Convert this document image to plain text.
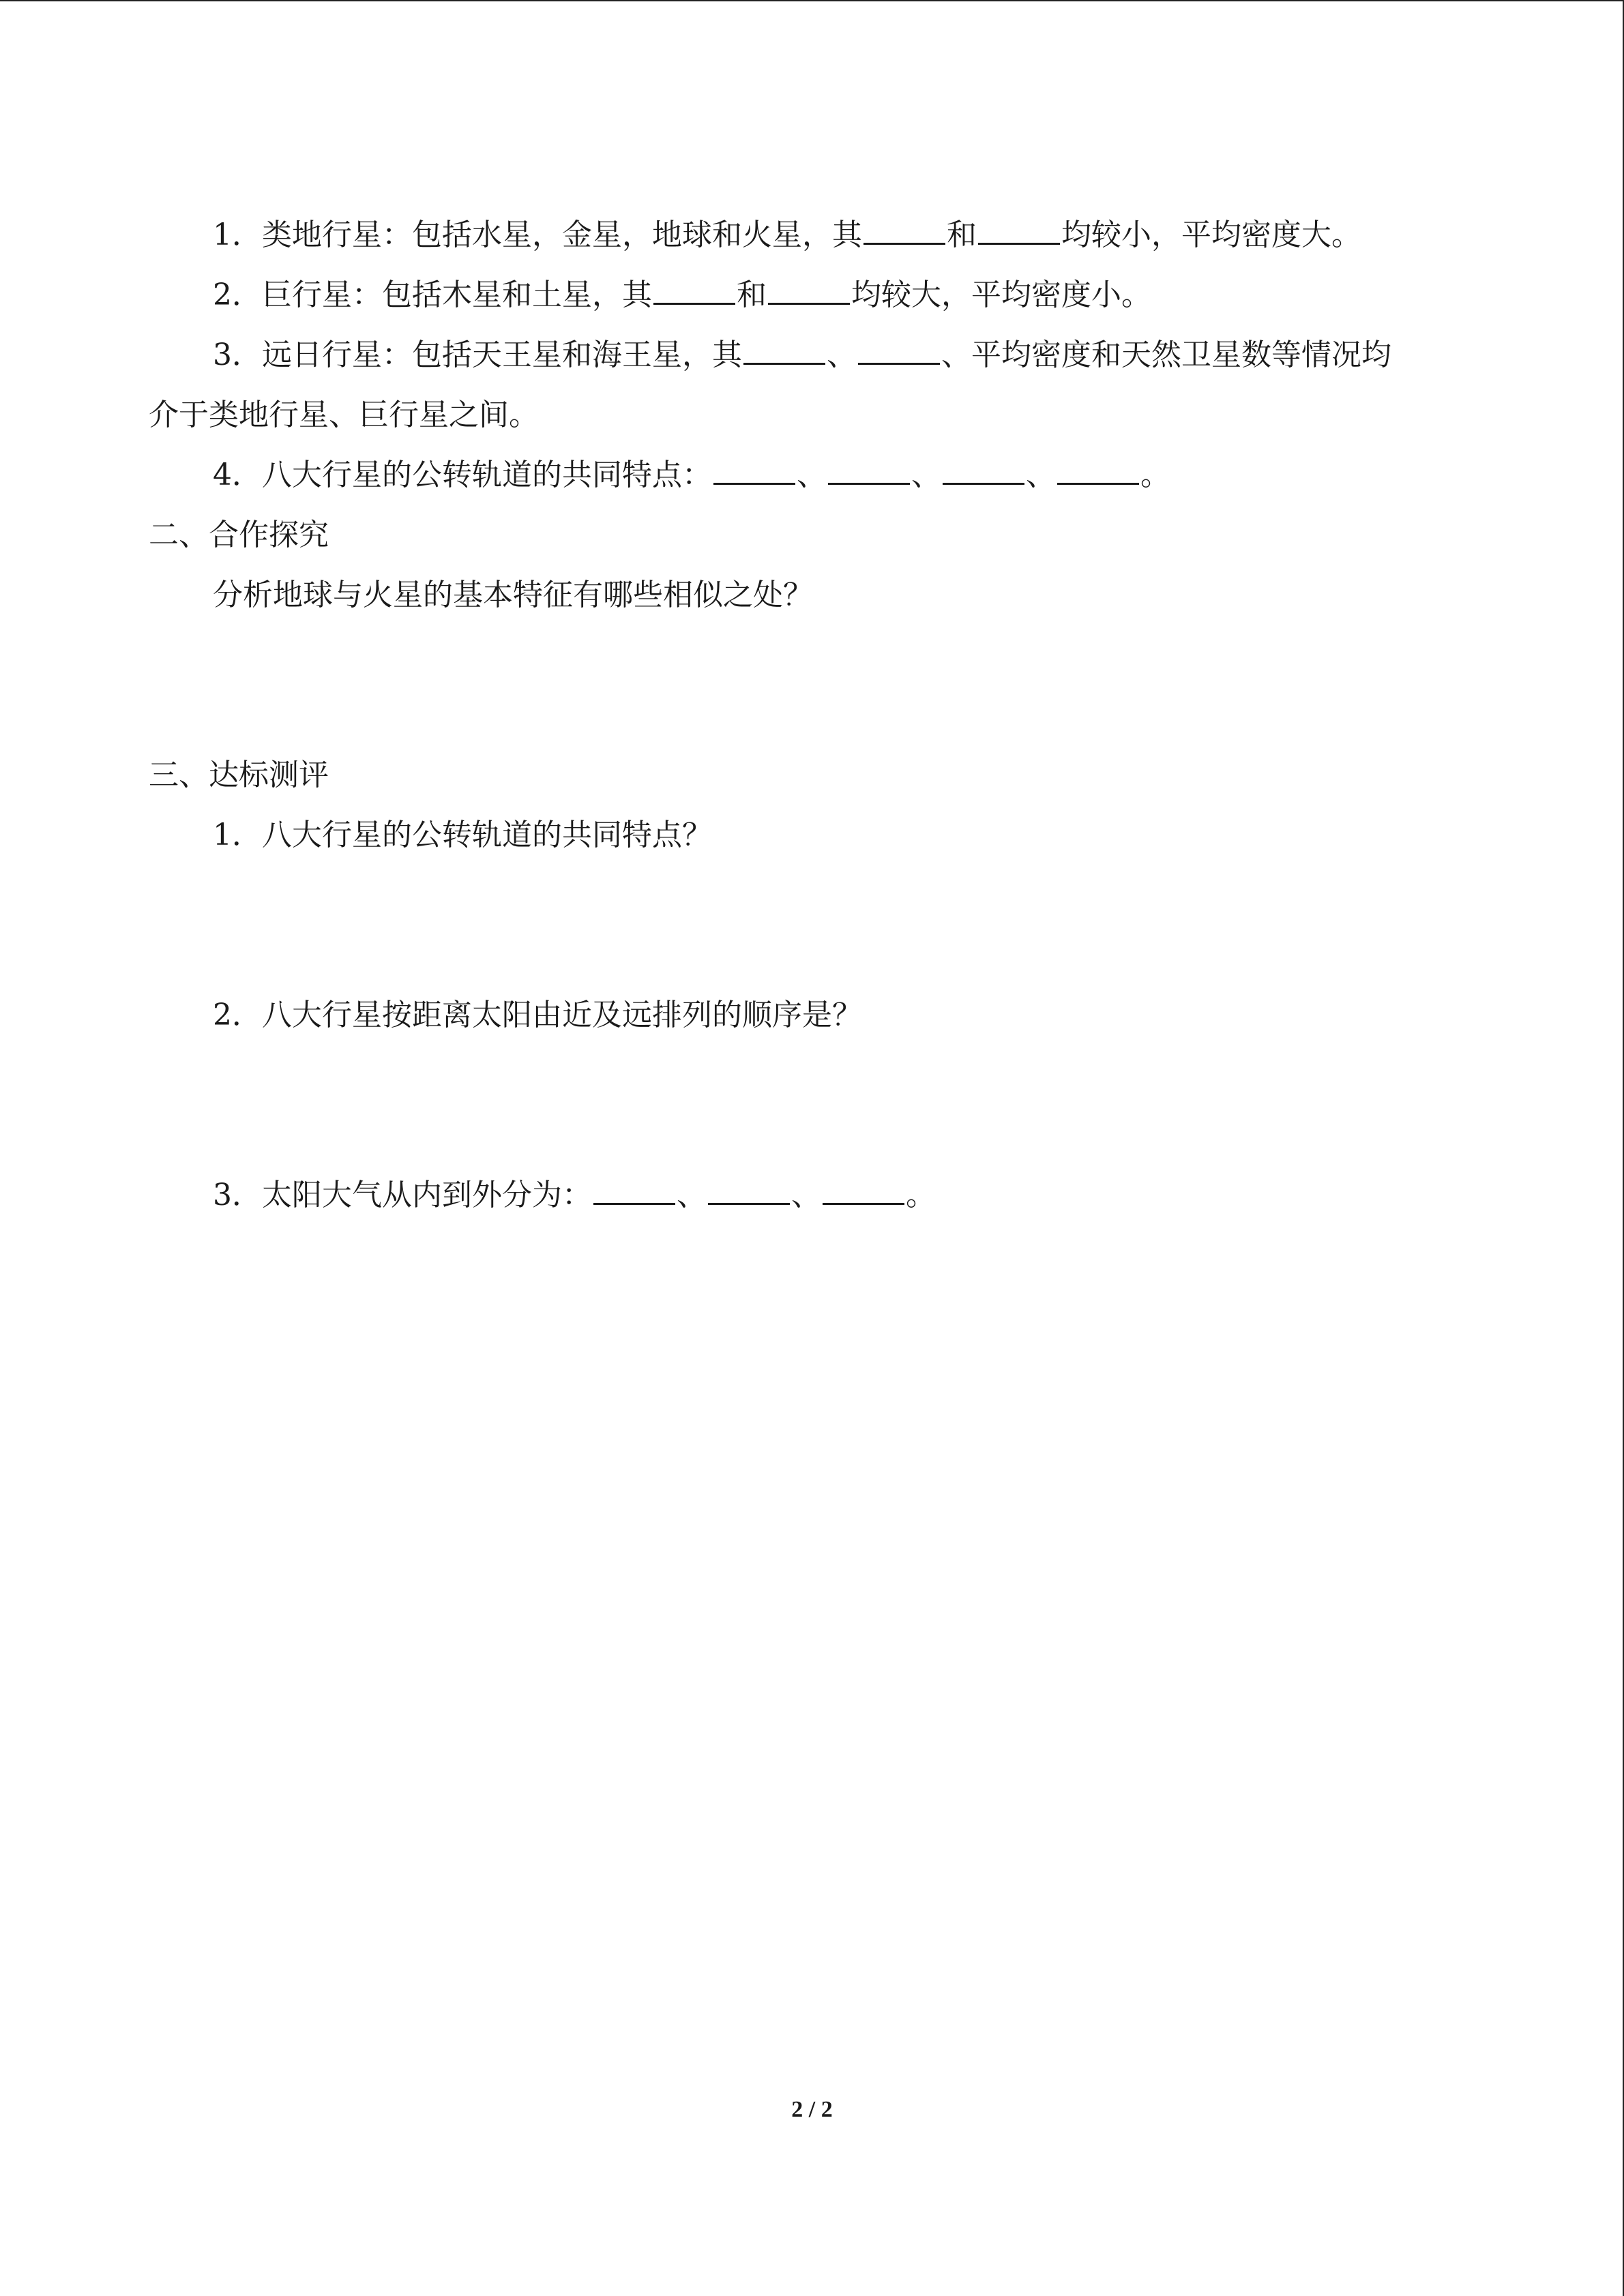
1．类地行星：包括水星，金星，地球和火星，其	和	均较小，平均密度大。
2．巨行星：包括木星和土星，其	和	均较大，平均密度小。
3．远日行星：包括天王星和海王星，其	、	、平均密度和天然卫星数等情况均
介于类地行星、巨行星之间。
4．八大行星的公转轨道的共同特点：	、	、	、	。
二、合作探究
分析地球与火星的基本特征有哪些相似之处？
三、达标测评
1．八大行星的公转轨道的共同特点？
2．八大行星按距离太阳由近及远排列的顺序是？
3．太阳大气从内到外分为：	、	、	。
2 / 2
